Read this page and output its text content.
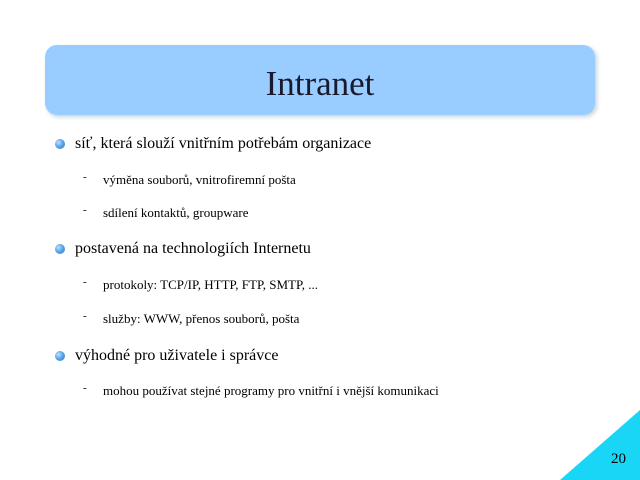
Intranet
síť, která slouží vnitřním potřebám organizace
- výměna souborů, vnitrofiremní pošta
- sdílení kontaktů, groupware
postavená na technologiích Internetu
- protokoly: TCP/IP, HTTP, FTP, SMTP, ...
- služby: WWW, přenos souborů, pošta
výhodné pro uživatele i správce
- mohou používat stejné programy pro vnitřní i vnější komunikaci
20
